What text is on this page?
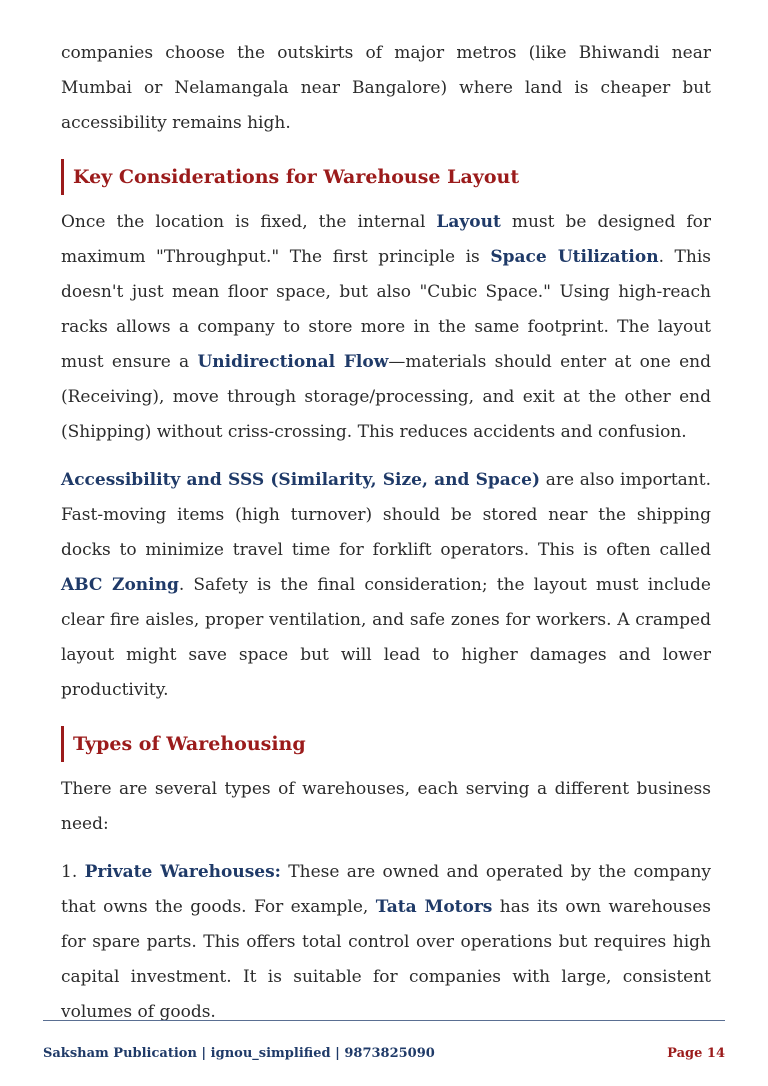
companies choose the outskirts of major metros (like Bhiwandi near Mumbai or Nelamangala near Bangalore) where land is cheaper but accessibility remains high.

Key Considerations for Warehouse Layout

Once the location is fixed, the internal Layout must be designed for maximum "Throughput." The first principle is Space Utilization. This doesn't just mean floor space, but also "Cubic Space." Using high-reach racks allows a company to store more in the same footprint. The layout must ensure a Unidirectional Flow—materials should enter at one end (Receiving), move through storage/processing, and exit at the other end (Shipping) without criss-crossing. This reduces accidents and confusion.

Accessibility and SSS (Similarity, Size, and Space) are also important. Fast-moving items (high turnover) should be stored near the shipping docks to minimize travel time for forklift operators. This is often called ABC Zoning. Safety is the final consideration; the layout must include clear fire aisles, proper ventilation, and safe zones for workers. A cramped layout might save space but will lead to higher damages and lower productivity.

Types of Warehousing

There are several types of warehouses, each serving a different business need:

1. Private Warehouses: These are owned and operated by the company that owns the goods. For example, Tata Motors has its own warehouses for spare parts. This offers total control over operations but requires high capital investment. It is suitable for companies with large, consistent volumes of goods.

Saksham Publication | ignou_simplified | 9873825090	Page 14
